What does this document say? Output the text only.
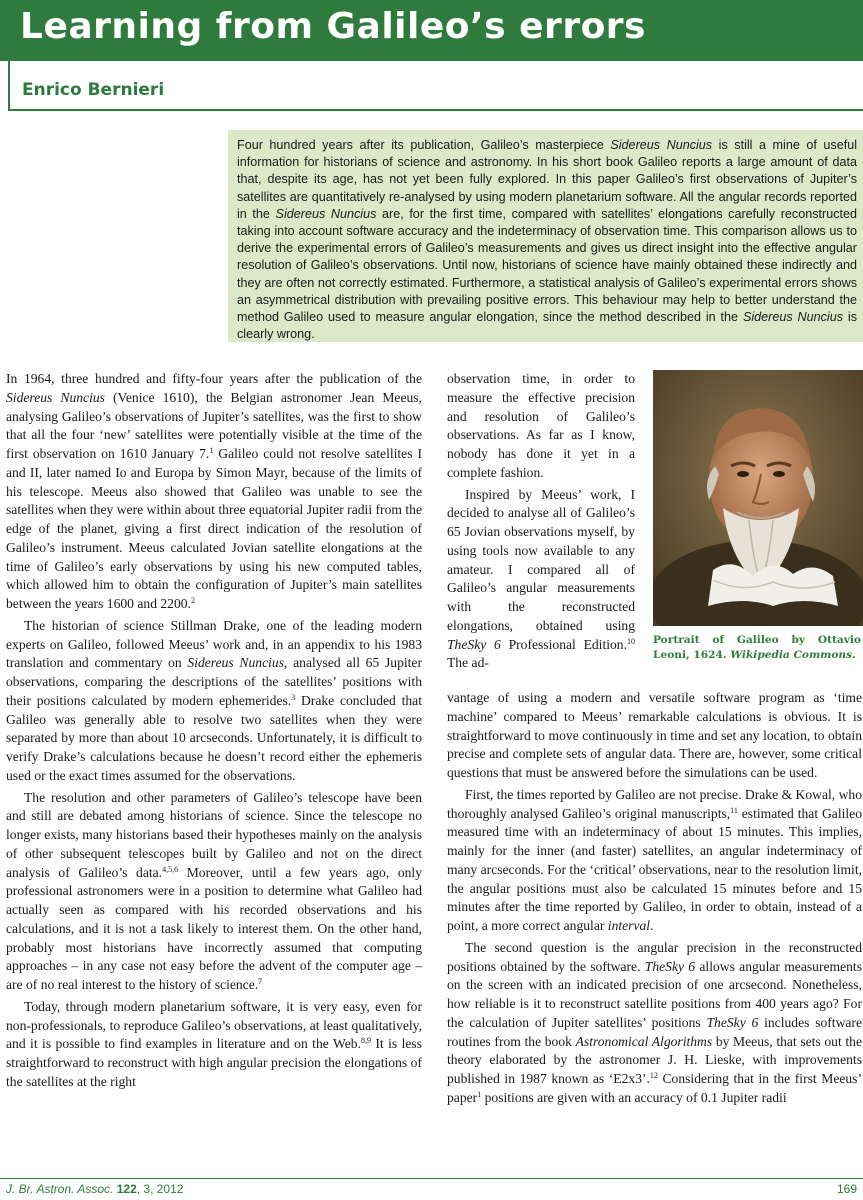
Learning from Galileo’s errors
Enrico Bernieri
Four hundred years after its publication, Galileo’s masterpiece Sidereus Nuncius is still a mine of useful information for historians of science and astronomy. In his short book Galileo reports a large amount of data that, despite its age, has not yet been fully explored. In this paper Galileo’s first observations of Jupiter’s satellites are quantitatively re-analysed by using modern planetarium software. All the angular records reported in the Sidereus Nuncius are, for the first time, compared with satellites’ elongations carefully reconstructed taking into account software accuracy and the indeterminacy of observation time. This comparison allows us to derive the experimental errors of Galileo’s measurements and gives us direct insight into the effective angular resolution of Galileo’s observations. Until now, historians of science have mainly obtained these indirectly and they are often not correctly estimated. Furthermore, a statistical analysis of Galileo’s experimental errors shows an asymmetrical distribution with prevailing positive errors. This behaviour may help to better understand the method Galileo used to measure angular elongation, since the method described in the Sidereus Nuncius is clearly wrong.

In 1964, three hundred and fifty-four years after the publication of the Sidereus Nuncius (Venice 1610), the Belgian astronomer Jean Meeus, analysing Galileo’s observations of Jupiter’s satellites, was the first to show that all the four ‘new’ satellites were potentially visible at the time of the first observation on 1610 January 7.$^1$ Galileo could not resolve satellites I and II, later named Io and Europa by Simon Mayr, because of the limits of his telescope. Meeus also showed that Galileo was unable to see the satellites when they were within about three equatorial Jupiter radii from the edge of the planet, giving a first direct indication of the resolution of Galileo’s instrument. Meeus calculated Jovian satellite elongations at the time of Galileo’s early observations by using his new computed tables, which allowed him to obtain the configuration of Jupiter’s main satellites between the years 1600 and 2200.$^2$

The historian of science Stillman Drake, one of the leading modern experts on Galileo, followed Meeus’ work and, in an appendix to his 1983 translation and commentary on Sidereus Nuncius, analysed all 65 Jupiter observations, comparing the descriptions of the satellites’ positions with their positions calculated by modern ephemerides.$^3$ Drake concluded that Galileo was generally able to resolve two satellites when they were separated by more than about 10 arcseconds. Unfortunately, it is difficult to verify Drake’s calculations because he doesn’t record either the ephemeris used or the exact times assumed for the observations.

The resolution and other parameters of Galileo’s telescope have been and still are debated among historians of science. Since the telescope no longer exists, many historians based their hypotheses mainly on the analysis of other subsequent telescopes built by Galileo and not on the direct analysis of Galileo’s data.$^{4,5,6}$ Moreover, until a few years ago, only professional astronomers were in a position to determine what Galileo had actually seen as compared with his recorded observations and his calculations, and it is not a task likely to interest them. On the other hand, probably most historians have incorrectly assumed that computing approaches – in any case not easy before the advent of the computer age – are of no real interest to the history of science.$^7$

Today, through modern planetarium software, it is very easy, even for non-professionals, to reproduce Galileo’s observations, at least qualitatively, and it is possible to find examples in literature and on the Web.$^{8,9}$ It is less straightforward to reconstruct with high angular precision the elongations of the satellites at the right

observation time, in order to measure the effective precision and resolution of Galileo’s observations. As far as I know, nobody has done it yet in a complete fashion.

Inspired by Meeus’ work, I decided to analyse all of Galileo’s 65 Jovian observations myself, by using tools now available to any amateur. I compared all of Galileo’s angular measurements with the reconstructed elongations, obtained using TheSky 6 Professional Edition.$^{10}$ The ad-

vantage of using a modern and versatile software program as ‘time machine’ compared to Meeus’ remarkable calculations is obvious. It is straightforward to move continuously in time and set any location, to obtain precise and complete sets of angular data. There are, however, some critical questions that must be answered before the simulations can be used.

First, the times reported by Galileo are not precise. Drake & Kowal, who thoroughly analysed Galileo’s original manuscripts,$^{11}$ estimated that Galileo measured time with an indeterminacy of about 15 minutes. This implies, mainly for the inner (and faster) satellites, an angular indeterminacy of many arcseconds. For the ‘critical’ observations, near to the resolution limit, the angular positions must also be calculated 15 minutes before and 15 minutes after the time reported by Galileo, in order to obtain, instead of a point, a more correct angular interval.

The second question is the angular precision in the reconstructed positions obtained by the software. TheSky 6 allows angular measurements on the screen with an indicated precision of one arcsecond. Nonetheless, how reliable is it to reconstruct satellite positions from 400 years ago? For the calculation of Jupiter satellites’ positions TheSky 6 includes software routines from the book Astronomical Algorithms by Meeus, that sets out the theory elaborated by the astronomer J. H. Lieske, with improvements published in 1987 known as ‘E2x3’.$^{12}$ Considering that in the first Meeus’ paper$^1$ positions are given with an accuracy of 0.1 Jupiter radii

Portrait of Galileo by Ottavio Leoni, 1624. Wikipedia Commons.
J. Br. Astron. Assoc. 122, 3, 2012	169
